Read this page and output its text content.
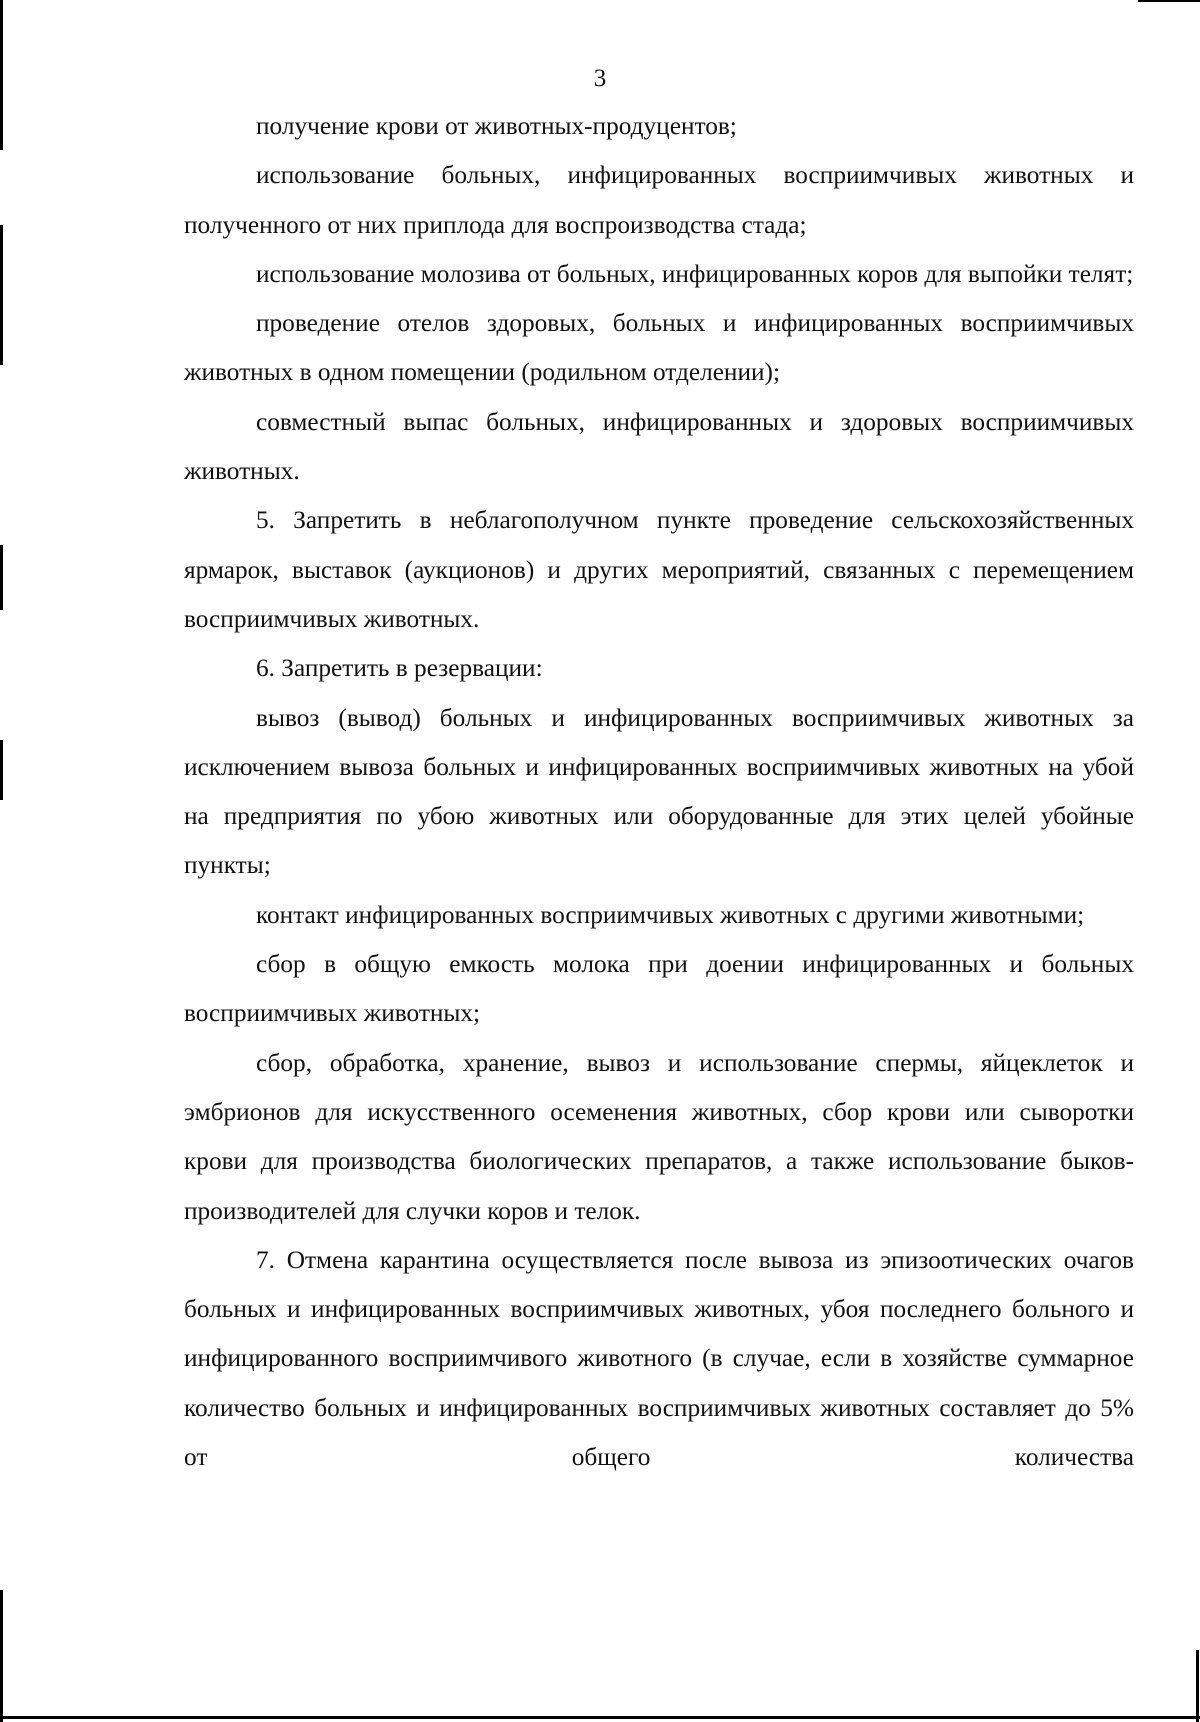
3

получение крови от животных-продуцентов;

использование больных, инфицированных восприимчивых животных и полученного от них приплода для воспроизводства стада;

использование молозива от больных, инфицированных коров для выпойки телят;

проведение отелов здоровых, больных и инфицированных восприимчивых животных в одном помещении (родильном отделении);

совместный выпас больных, инфицированных и здоровых восприимчивых животных.

5. Запретить в неблагополучном пункте проведение сельскохозяйственных ярмарок, выставок (аукционов) и других мероприятий, связанных с перемещением восприимчивых животных.

6. Запретить в резервации:

вывоз (вывод) больных и инфицированных восприимчивых животных за исключением вывоза больных и инфицированных восприимчивых животных на убой на предприятия по убою животных или оборудованные для этих целей убойные пункты;

контакт инфицированных восприимчивых животных с другими животными;

сбор в общую емкость молока при доении инфицированных и больных восприимчивых животных;

сбор, обработка, хранение, вывоз и использование спермы, яйцеклеток и эмбрионов для искусственного осеменения животных, сбор крови или сыворотки крови для производства биологических препаратов, а также использование быков-производителей для случки коров и телок.

7. Отмена карантина осуществляется после вывоза из эпизоотических очагов больных и инфицированных восприимчивых животных, убоя последнего больного и инфицированного восприимчивого животного (в случае, если в хозяйстве суммарное количество больных и инфицированных восприимчивых животных составляет до 5% от общего количества
